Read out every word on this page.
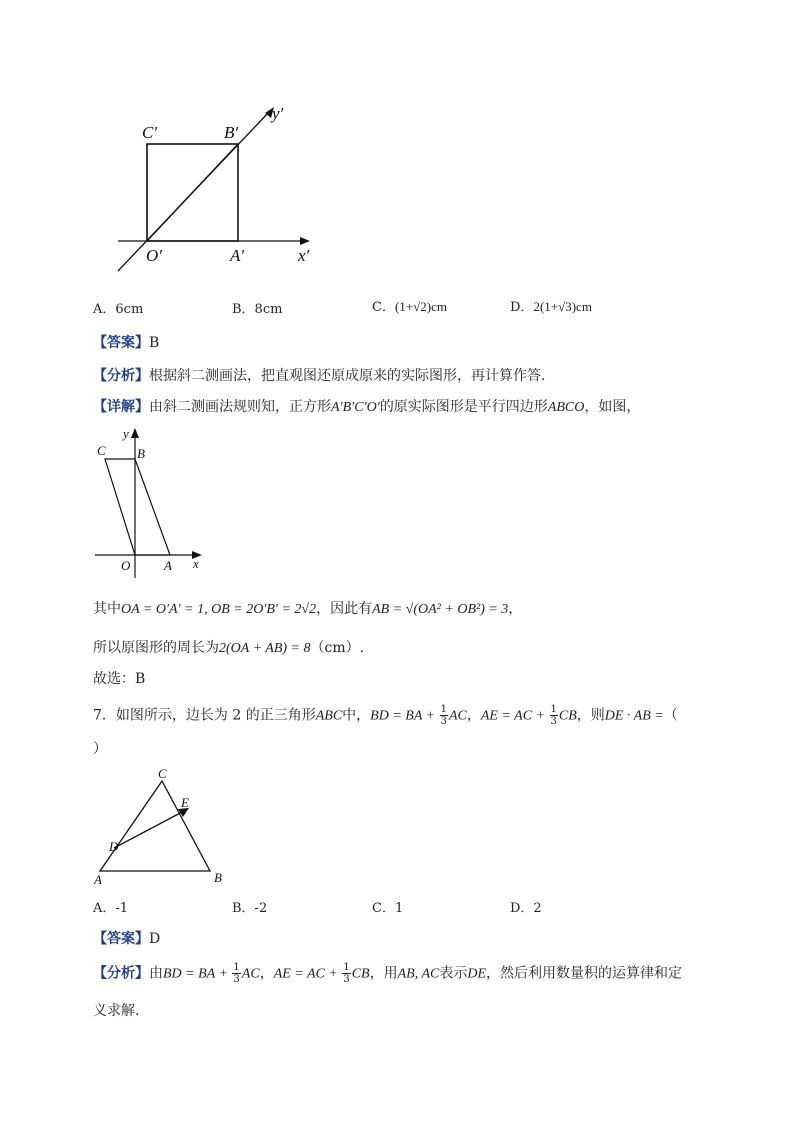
C′	B′
y′
O′	A′	x′
A．6cm	B．8cm	C．(1+√2)cm	D．2(1+√3)cm
【答案】B
【分析】根据斜二测画法，把直观图还原成原来的实际图形，再计算作答.
【详解】由斜二测画法规则知，正方形A′B′C′O′的原实际图形是平行四边形ABCO，如图，
y
C B
O	A x
其中OA = O′A′ = 1, OB = 2O′B′ = 2√2，因此有AB = √(OA² + OB²) = 3，
所以原图形的周长为2(OA + AB) = 8（cm）.
故选：B
7．如图所示，边长为 2 的正三角形ABC中，BD = BA + $\frac{1}{3}$ AC，AE = AC + $\frac{1}{3}$ CB，则DE · AB =（
）
C
E
D
A	B
A．-1	B．-2	C．1	D．2
【答案】D
【分析】由BD = BA + $\frac{1}{3}$ AC，AE = AC + $\frac{1}{3}$ CB，用AB, AC表示DE，然后利用数量积的运算律和定
义求解.
